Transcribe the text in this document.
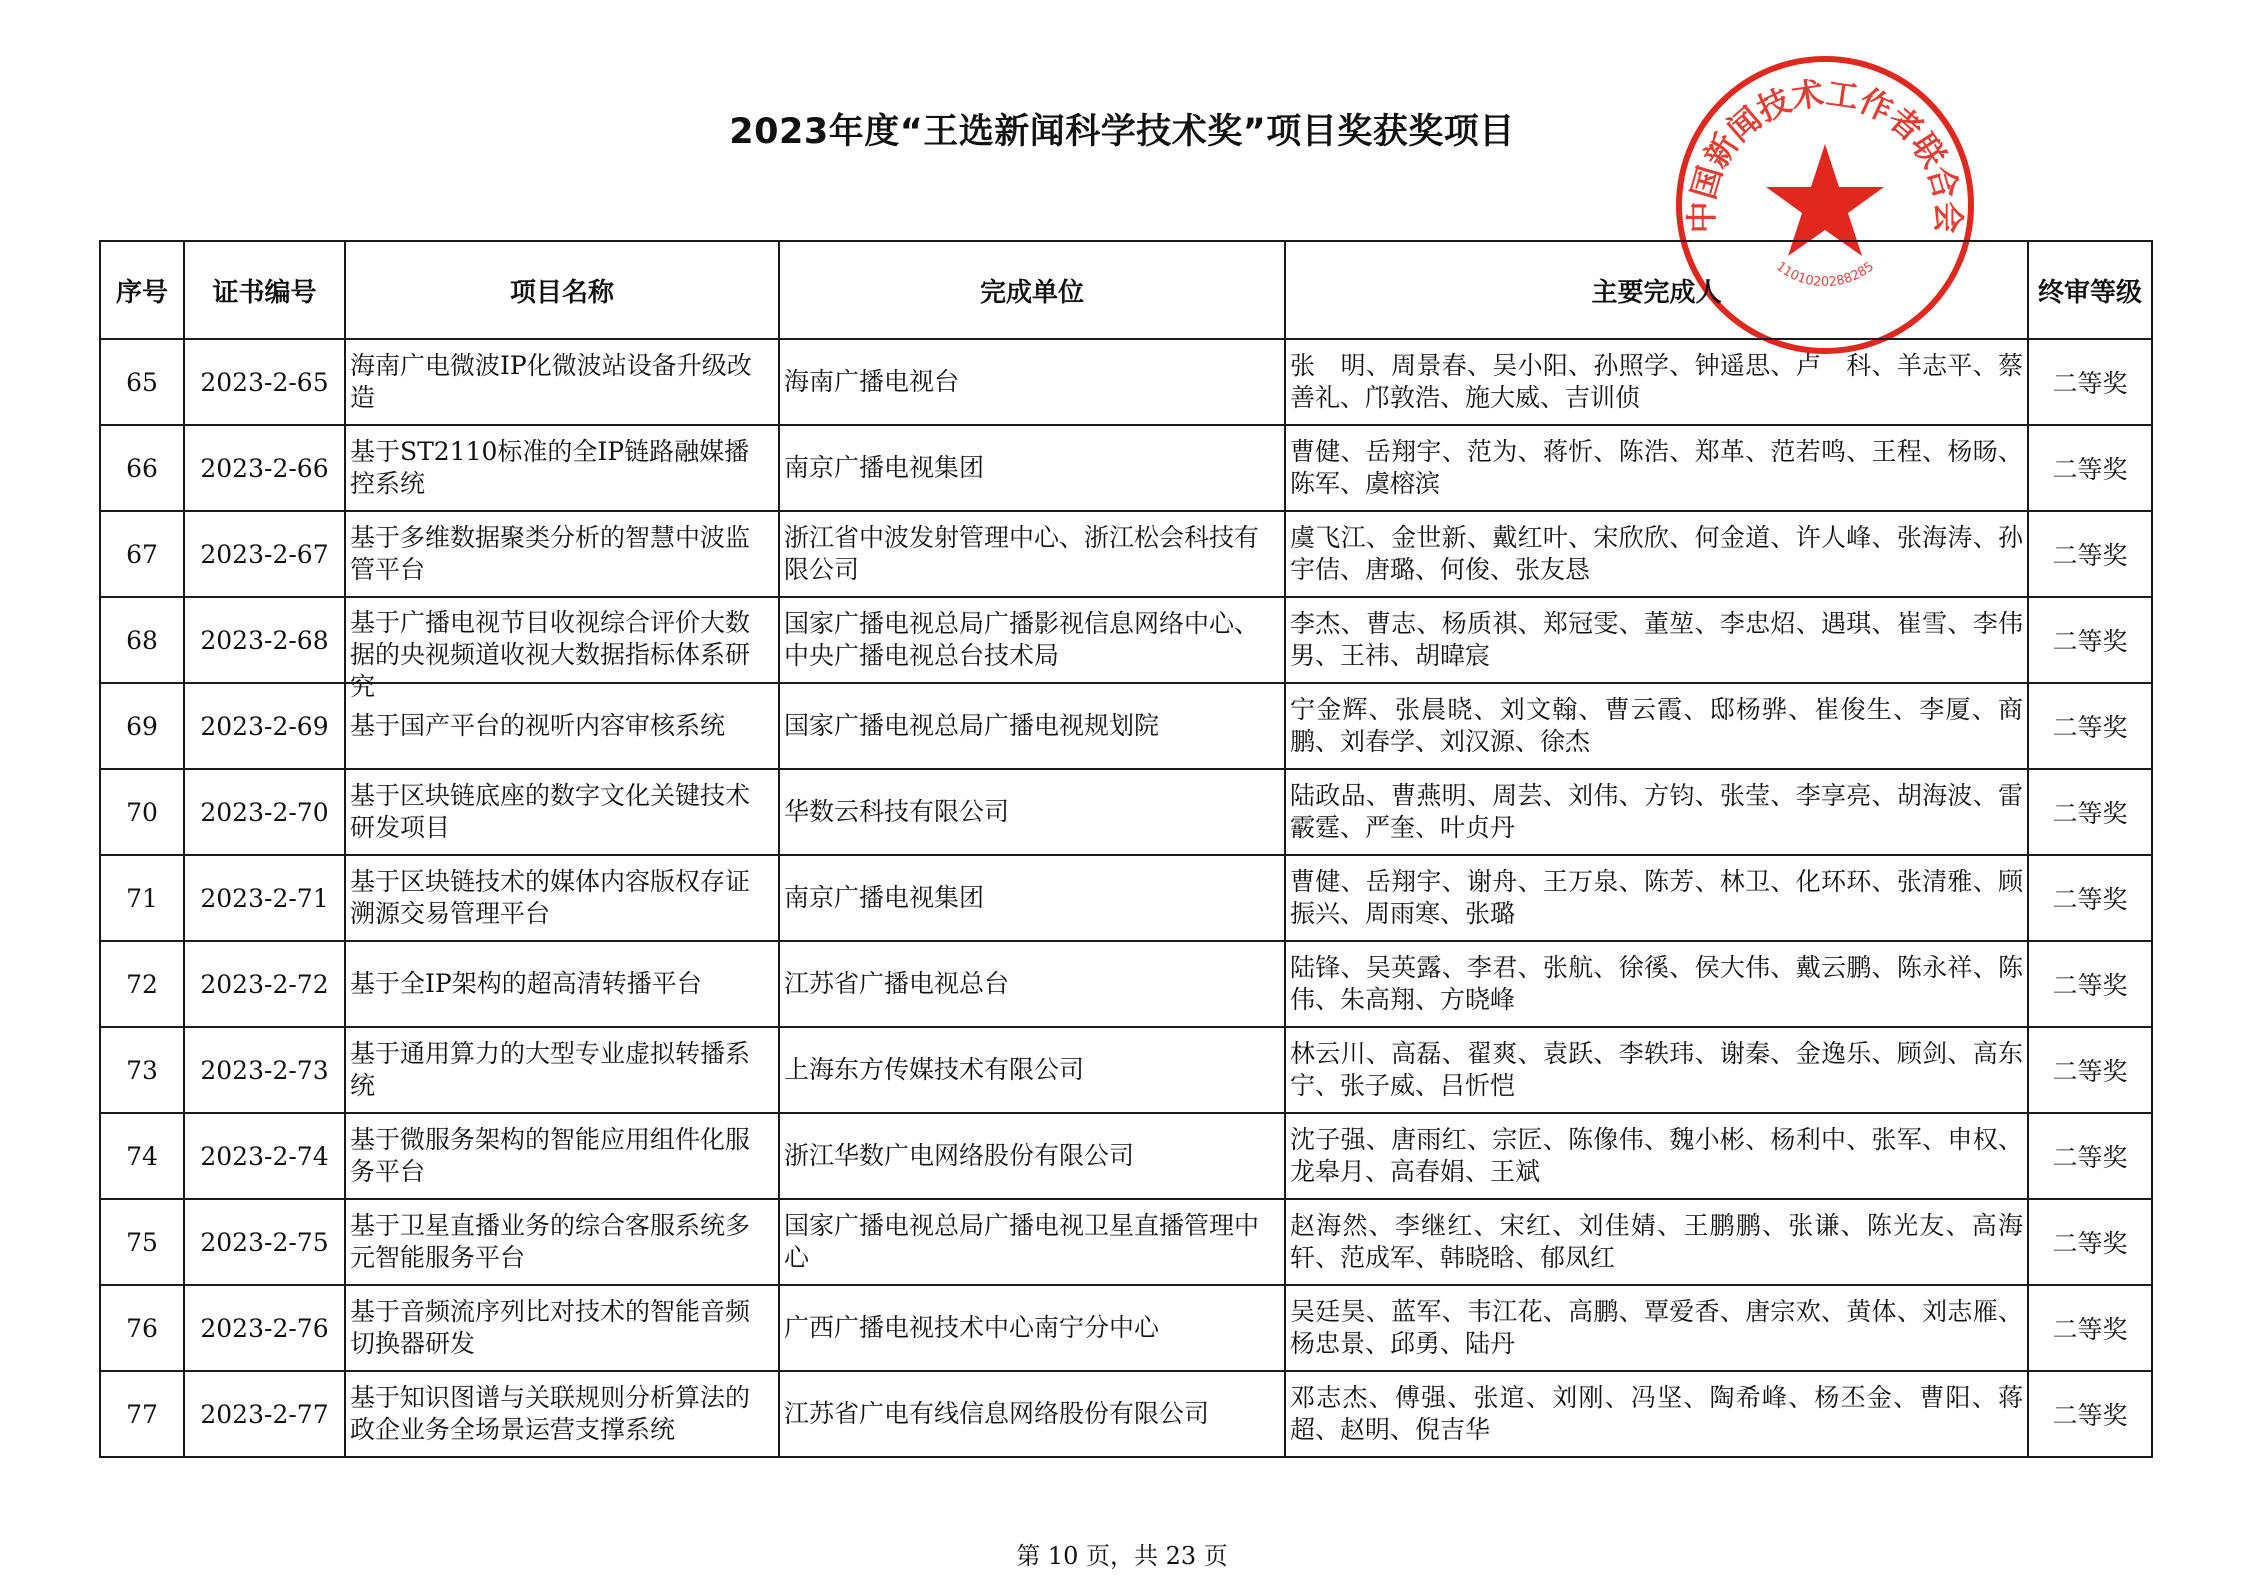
2023年度“王选新闻科学技术奖”项目奖获奖项目
中国新闻技术工作者联合会
1101020288285
序号	证书编号	项目名称	完成单位	主要完成人	终审等级
65	2023-2-65	海南广电微波IP化微波站设备升级改造	海南广播电视台	张　明、周景春、吴小阳、孙照学、钟遥思、卢　科、羊志平、蔡善礼、邝敦浩、施大威、吉训侦	二等奖
66	2023-2-66	基于ST2110标准的全IP链路融媒播控系统	南京广播电视集团	曹健、岳翔宇、范为、蒋忻、陈浩、郑革、范若鸣、王程、杨旸、陈军、虞榕滨	二等奖
67	2023-2-67	基于多维数据聚类分析的智慧中波监管平台	浙江省中波发射管理中心、浙江松会科技有限公司	虞飞江、金世新、戴红叶、宋欣欣、何金道、许人峰、张海涛、孙宇佶、唐璐、何俊、张友恳	二等奖
68	2023-2-68	基于广播电视节目收视综合评价大数据的央视频道收视大数据指标体系研究	国家广播电视总局广播影视信息网络中心、中央广播电视总台技术局	李杰、曹志、杨质祺、郑冠雯、董堃、李忠炤、遇琪、崔雪、李伟男、王祎、胡暐宸	二等奖
69	2023-2-69	基于国产平台的视听内容审核系统	国家广播电视总局广播电视规划院	宁金辉、张晨晓、刘文翰、曹云霞、邸杨骅、崔俊生、李厦、商鹏、刘春学、刘汉源、徐杰	二等奖
70	2023-2-70	基于区块链底座的数字文化关键技术研发项目	华数云科技有限公司	陆政品、曹燕明、周芸、刘伟、方钧、张莹、李享亮、胡海波、雷霰霆、严奎、叶贞丹	二等奖
71	2023-2-71	基于区块链技术的媒体内容版权存证溯源交易管理平台	南京广播电视集团	曹健、岳翔宇、谢舟、王万泉、陈芳、林卫、化环环、张清雅、顾振兴、周雨寒、张璐	二等奖
72	2023-2-72	基于全IP架构的超高清转播平台	江苏省广播电视总台	陆锋、吴英露、李君、张航、徐徯、侯大伟、戴云鹏、陈永祥、陈伟、朱高翔、方晓峰	二等奖
73	2023-2-73	基于通用算力的大型专业虚拟转播系统	上海东方传媒技术有限公司	林云川、高磊、翟爽、袁跃、李轶玮、谢秦、金逸乐、顾剑、高东宁、张子威、吕忻恺	二等奖
74	2023-2-74	基于微服务架构的智能应用组件化服务平台	浙江华数广电网络股份有限公司	沈子强、唐雨红、宗匠、陈像伟、魏小彬、杨利中、张军、申权、龙皋月、高春娟、王斌	二等奖
75	2023-2-75	基于卫星直播业务的综合客服系统多元智能服务平台	国家广播电视总局广播电视卫星直播管理中心	赵海然、李继红、宋红、刘佳婧、王鹏鹏、张谦、陈光友、高海轩、范成军、韩晓晗、郁凤红	二等奖
76	2023-2-76	基于音频流序列比对技术的智能音频切换器研发	广西广播电视技术中心南宁分中心	吴廷昊、蓝军、韦江花、高鹏、覃爱香、唐宗欢、黄体、刘志雁、杨忠景、邱勇、陆丹	二等奖
77	2023-2-77	基于知识图谱与关联规则分析算法的政企业务全场景运营支撑系统	江苏省广电有线信息网络股份有限公司	邓志杰、傅强、张逭、刘刚、冯坚、陶希峰、杨丕金、曹阳、蒋超、赵明、倪吉华	二等奖
第 10 页，共 23 页
